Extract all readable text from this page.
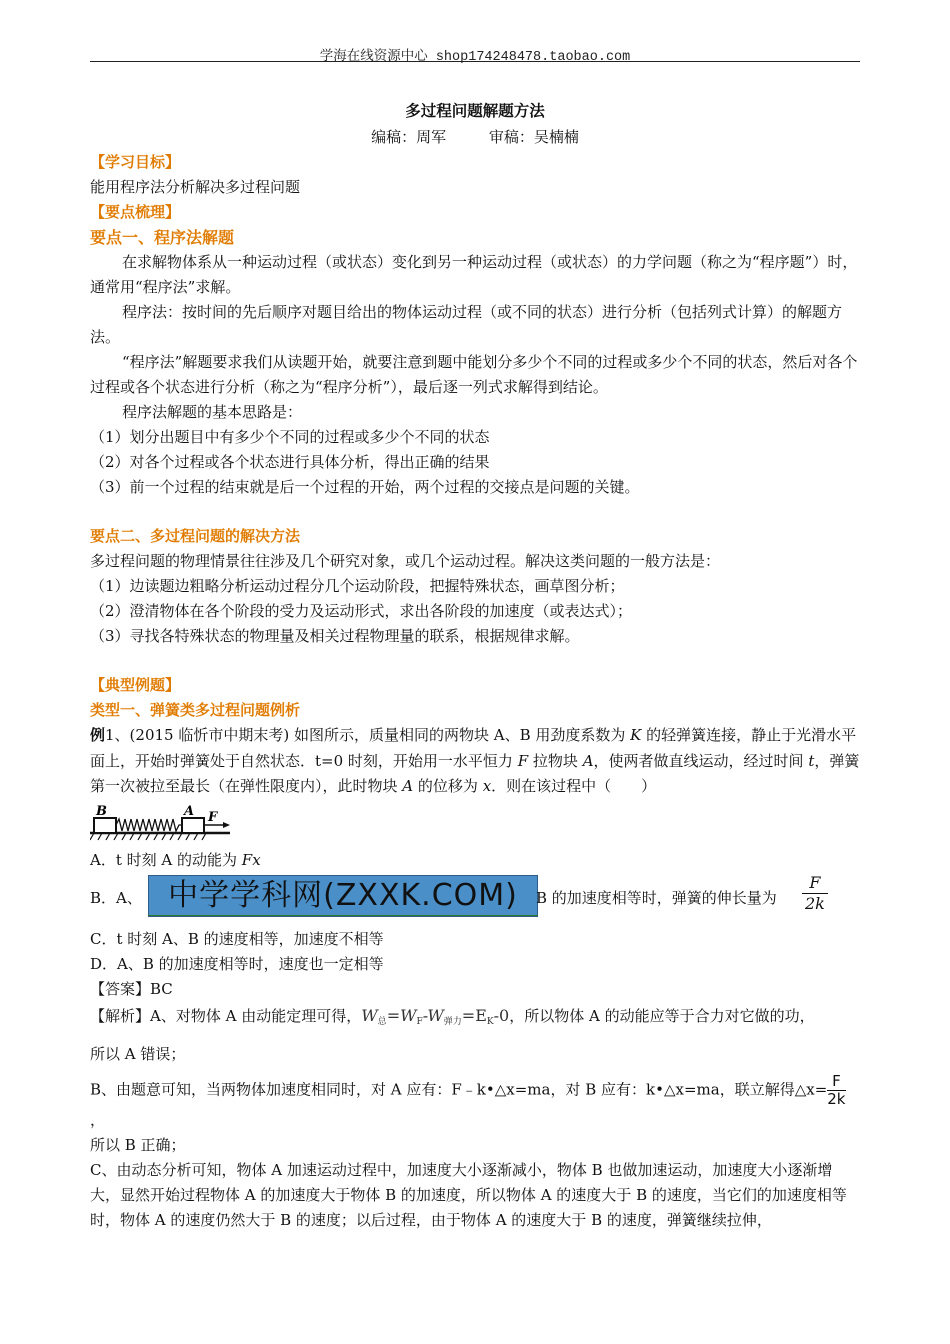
学海在线资源中心 shop174248478.taobao.com
多过程问题解题方法
编稿：周军	审稿：吴楠楠
【学习目标】
能用程序法分析解决多过程问题
【要点梳理】
要点一、程序法解题
在求解物体系从一种运动过程（或状态）变化到另一种运动过程（或状态）的力学问题（称之为“程序题”）时，通常用“程序法”求解。
程序法：按时间的先后顺序对题目给出的物体运动过程（或不同的状态）进行分析（包括列式计算）的解题方法。
“程序法”解题要求我们从读题开始，就要注意到题中能划分多少个不同的过程或多少个不同的状态，然后对各个过程或各个状态进行分析（称之为“程序分析”），最后逐一列式求解得到结论。
程序法解题的基本思路是：
（1）划分出题目中有多少个不同的过程或多少个不同的状态
（2）对各个过程或各个状态进行具体分析，得出正确的结果
（3）前一个过程的结束就是后一个过程的开始，两个过程的交接点是问题的关键。
要点二、多过程问题的解决方法
多过程问题的物理情景往往涉及几个研究对象，或几个运动过程。解决这类问题的一般方法是：
（1）边读题边粗略分析运动过程分几个运动阶段，把握特殊状态，画草图分析；
（2）澄清物体在各个阶段的受力及运动形式，求出各阶段的加速度（或表达式）；
（3）寻找各特殊状态的物理量及相关过程物理量的联系，根据规律求解。
【典型例题】
类型一、弹簧类多过程问题例析
例1、(2015 临忻市中期末考) 如图所示，质量相同的两物块 A、B 用劲度系数为 K 的轻弹簧连接，静止于光滑水平面上，开始时弹簧处于自然状态．t=0 时刻，开始用一水平恒力 F 拉物块 A，使两者做直线运动，经过时间 t，弹簧第一次被拉至最长（在弹性限度内），此时物块 A 的位移为 x．则在该过程中（　　）
B	A F
A．t 时刻 A 的动能为 Fx
B．A、 中学学科网(ZXXK.COM)	B 的加速度相等时，弹簧的伸长量为 $\frac{F}{2k}$
C．t 时刻 A、B 的速度相等，加速度不相等
D．A、B 的加速度相等时，速度也一定相等
【答案】BC
【解析】A、对物体 A 由动能定理可得，$W_总=W_F-W_{弹力}=E_K-0$，所以物体 A 的动能应等于合力对它做的功，
所以 A 错误；
B、由题意可知，当两物体加速度相同时，对 A 应有：F﹣k•△x=ma，对 B 应有：k•△x=ma，联立解得△x= $\frac{F}{2k}$，
所以 B 正确；
C、由动态分析可知，物体 A 加速运动过程中，加速度大小逐渐减小，物体 B 也做加速运动，加速度大小逐渐增大，显然开始过程物体 A 的加速度大于物体 B 的加速度，所以物体 A 的速度大于 B 的速度，当它们的加速度相等时，物体 A 的速度仍然大于 B 的速度；以后过程，由于物体 A 的速度大于 B 的速度，弹簧继续拉伸，
